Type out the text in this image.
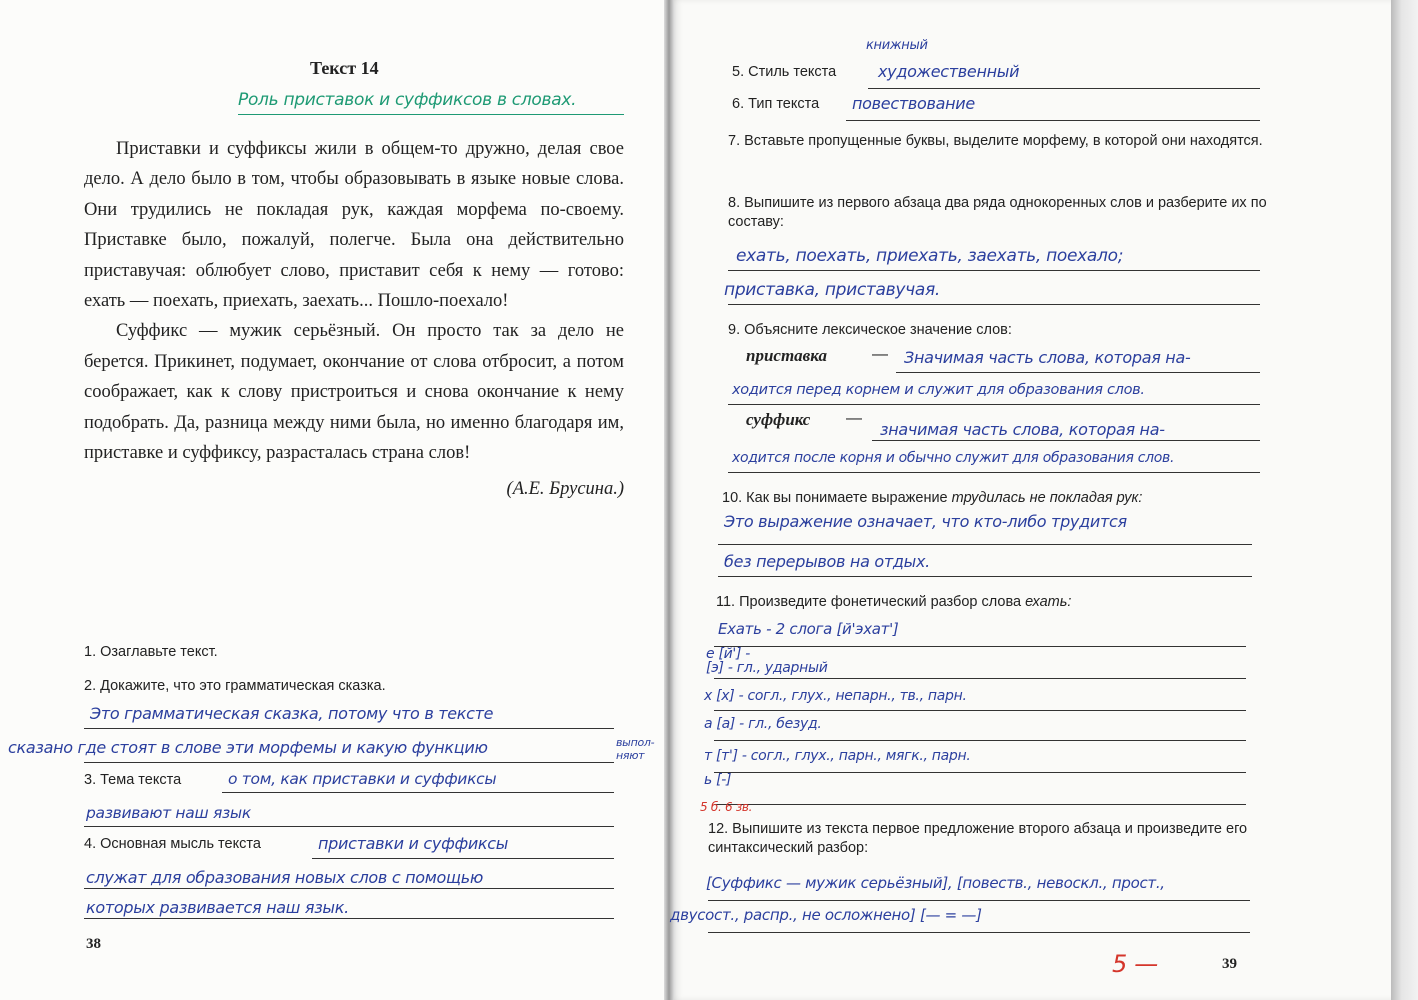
Текст 14
Роль приставок и суффиксов в словах.

Приставки и суффиксы жили в общем-то дружно, делая свое дело. А дело было в том, чтобы образовывать в языке новые слова. Они трудились не покладая рук, каждая морфема по-своему. Приставке было, пожалуй, полегче. Была она действительно приставучая: облюбует слово, приставит себя к нему — готово: ехать — поехать, приехать, заехать... Пошло-поехало!

Суффикс — мужик серьёзный. Он просто так за дело не берется. Прикинет, подумает, окончание от слова отбросит, а потом соображает, как к слову пристроиться и снова окончание к нему подобрать. Да, разница между ними была, но именно благодаря им, приставке и суффиксу, разрасталась страна слов!

(А.Е. Брусина.)

1. Озаглавьте текст.
2. Докажите, что это грамматическая сказка.
Это грамматическая сказка, потому что в тексте
сказано где стоят в слове эти морфемы и какую функцию	выпол-няют
3. Тема текста	о том, как приставки и суффиксы
развивают наш язык
4. Основная мысль текста	приставки и суффиксы
служат для образования новых слов с помощью
которых развивается наш язык.
38
книжный
5. Стиль текста	художественный
6. Тип текста повествование
7. Вставьте пропущенные буквы, выделите морфему, в которой они находятся.
8. Выпишите из первого абзаца два ряда однокоренных слов и разберите их по составу:
ехать, поехать, приехать, заехать, поехало;
приставка, приставучая.
9. Объясните лексическое значение слов:
приставка	— Значимая часть слова, которая на-
ходится перед корнем и служит для образования слов.
суффикс —
значимая часть слова, которая на-
ходится после корня и обычно служит для образования слов.
10. Как вы понимаете выражение трудилась не покладая рук:
Это выражение означает, что кто-либо трудится
без перерывов на отдых.
11. Произведите фонетический разбор слова ехать:
Ехать - 2 слога [й'эхат']
е [й'] -
[э] - гл., ударный
х [х] - согл., глух., непарн., тв., парн.
а [а] - гл., безуд.
т [т'] - согл., глух., парн., мягк., парн.
ь [-]
5 б. 6 зв.
12. Выпишите из текста первое предложение второго абзаца и произведите его синтаксический разбор:
[Суффикс — мужик серьёзный], [повеств., невоскл., прост.,
двусост., распр., не осложнено] [— = —]
5 —	39
